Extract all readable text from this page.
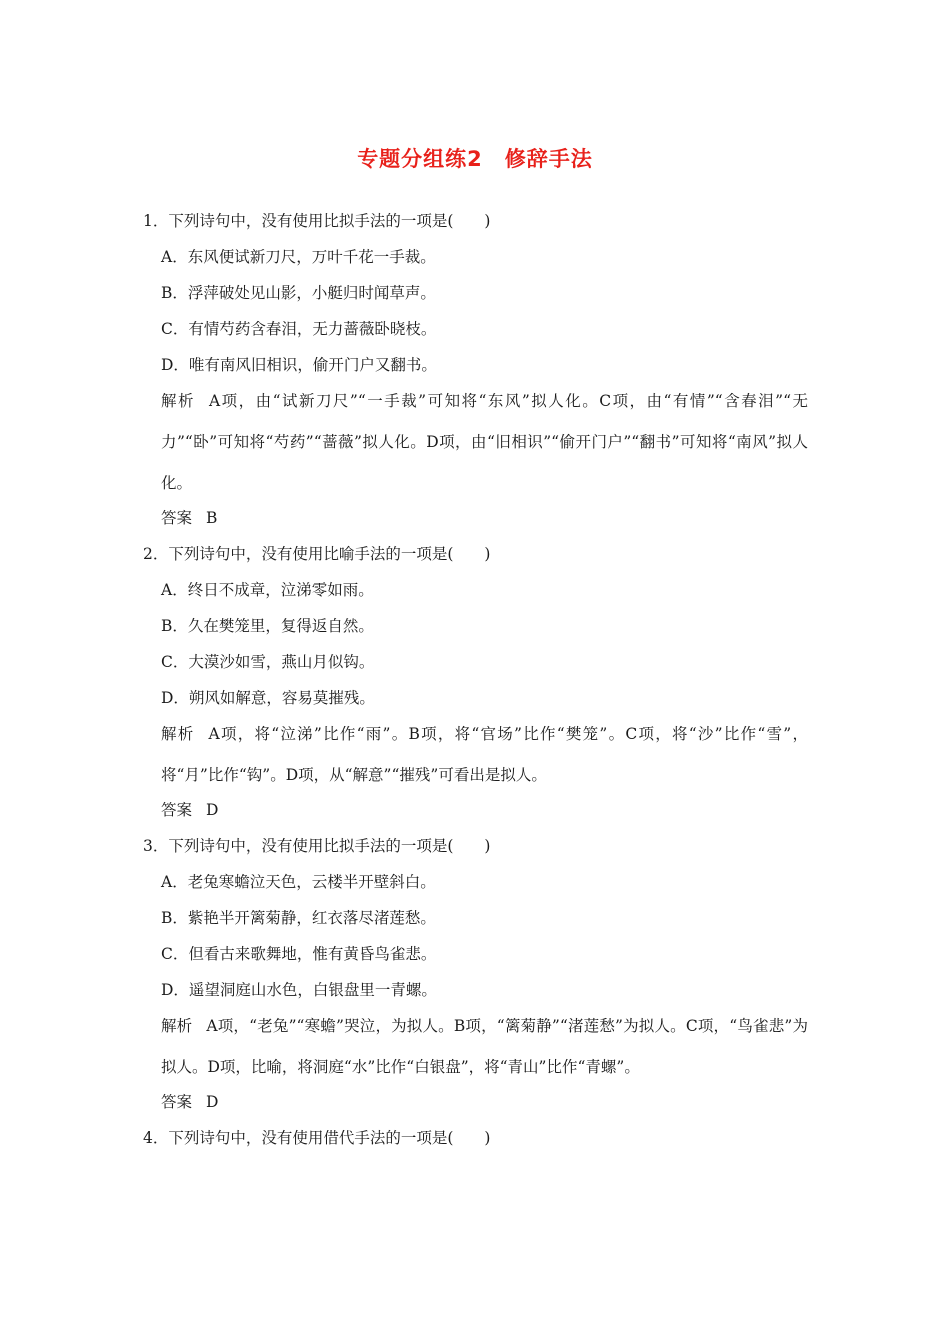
专题分组练2　修辞手法
1．下列诗句中，没有使用比拟手法的一项是(　　)
A．东风便试新刀尺，万叶千花一手裁。
B．浮萍破处见山影，小艇归时闻草声。
C．有情芍药含春泪，无力蔷薇卧晓枝。
D．唯有南风旧相识，偷开门户又翻书。
解析 A项，由“试新刀尺”“一手裁”可知将“东风”拟人化。C项，由“有情”“含春泪”“无力”“卧”可知将“芍药”“蔷薇”拟人化。D项，由“旧相识”“偷开门户”“翻书”可知将“南风”拟人化。
答案 B
2．下列诗句中，没有使用比喻手法的一项是(　　)
A．终日不成章，泣涕零如雨。
B．久在樊笼里，复得返自然。
C．大漠沙如雪，燕山月似钩。
D．朔风如解意，容易莫摧残。
解析 A项，将“泣涕”比作“雨”。B项，将“官场”比作“樊笼”。C项，将“沙”比作“雪”，将“月”比作“钩”。D项，从“解意”“摧残”可看出是拟人。
答案 D
3．下列诗句中，没有使用比拟手法的一项是(　　)
A．老兔寒蟾泣天色，云楼半开壁斜白。
B．紫艳半开篱菊静，红衣落尽渚莲愁。
C．但看古来歌舞地，惟有黄昏鸟雀悲。
D．遥望洞庭山水色，白银盘里一青螺。
解析 A项，“老兔”“寒蟾”哭泣，为拟人。B项，“篱菊静”“渚莲愁”为拟人。C项，“鸟雀悲”为拟人。D项，比喻，将洞庭“水”比作“白银盘”，将“青山”比作“青螺”。
答案 D
4．下列诗句中，没有使用借代手法的一项是(　　)
